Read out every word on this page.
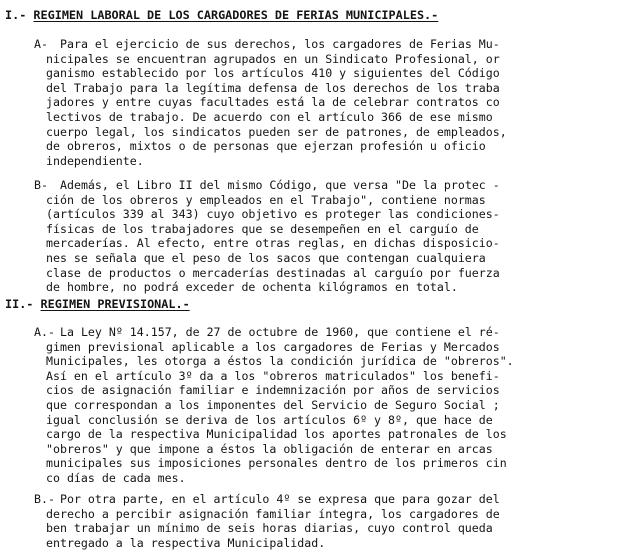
I.- REGIMEN LABORAL DE LOS CARGADORES DE FERIAS MUNICIPALES.-
A-	Para el ejercicio de sus derechos, los cargadores de Ferias Mu-
nicipales se encuentran agrupados en un Sindicato Profesional, or
ganismo establecido por los artículos 410 y siguientes del Código
del Trabajo para la legítima defensa de los derechos de los traba
jadores y entre cuyas facultades está la de celebrar contratos co
lectivos de trabajo. De acuerdo con el artículo 366 de ese mismo
cuerpo legal, los sindicatos pueden ser de patrones, de empleados,
de obreros, mixtos o de personas que ejerzan profesión u oficio
independiente.
B-	Además, el Libro II del mismo Código, que versa "De la protec -
ción de los obreros y empleados en el Trabajo", contiene normas
(artículos 339 al 343) cuyo objetivo es proteger las condiciones-
físicas de los trabajadores que se desempeñen en el carguío de
mercaderías. Al efecto, entre otras reglas, en dichas disposicio-
nes se señala que el peso de los sacos que contengan cualquiera
clase de productos o mercaderías destinadas al carguío por fuerza
de hombre, no podrá exceder de ochenta kilógramos en total.
II.- REGIMEN PREVISIONAL.-
A.- La Ley Nº 14.157, de 27 de octubre de 1960, que contiene el ré-
gimen previsional aplicable a los cargadores de Ferias y Mercados
Municipales, les otorga a éstos la condición jurídica de "obreros".
Así en el artículo 3º da a los "obreros matriculados" los benefi-
cios de asignación familiar e indemnización por años de servicios
que correspondan a los imponentes del Servicio de Seguro Social ;
igual conclusión se deriva de los artículos 6º y 8º, que hace de
cargo de la respectiva Municipalidad los aportes patronales de los
"obreros" y que impone a éstos la obligación de enterar en arcas
municipales sus imposiciones personales dentro de los primeros cin
co días de cada mes.
B.- Por otra parte, en el artículo 4º se expresa que para gozar del
derecho a percibir asignación familiar íntegra, los cargadores de
ben trabajar un mínimo de seis horas diarias, cuyo control queda
entregado a la respectiva Municipalidad.
